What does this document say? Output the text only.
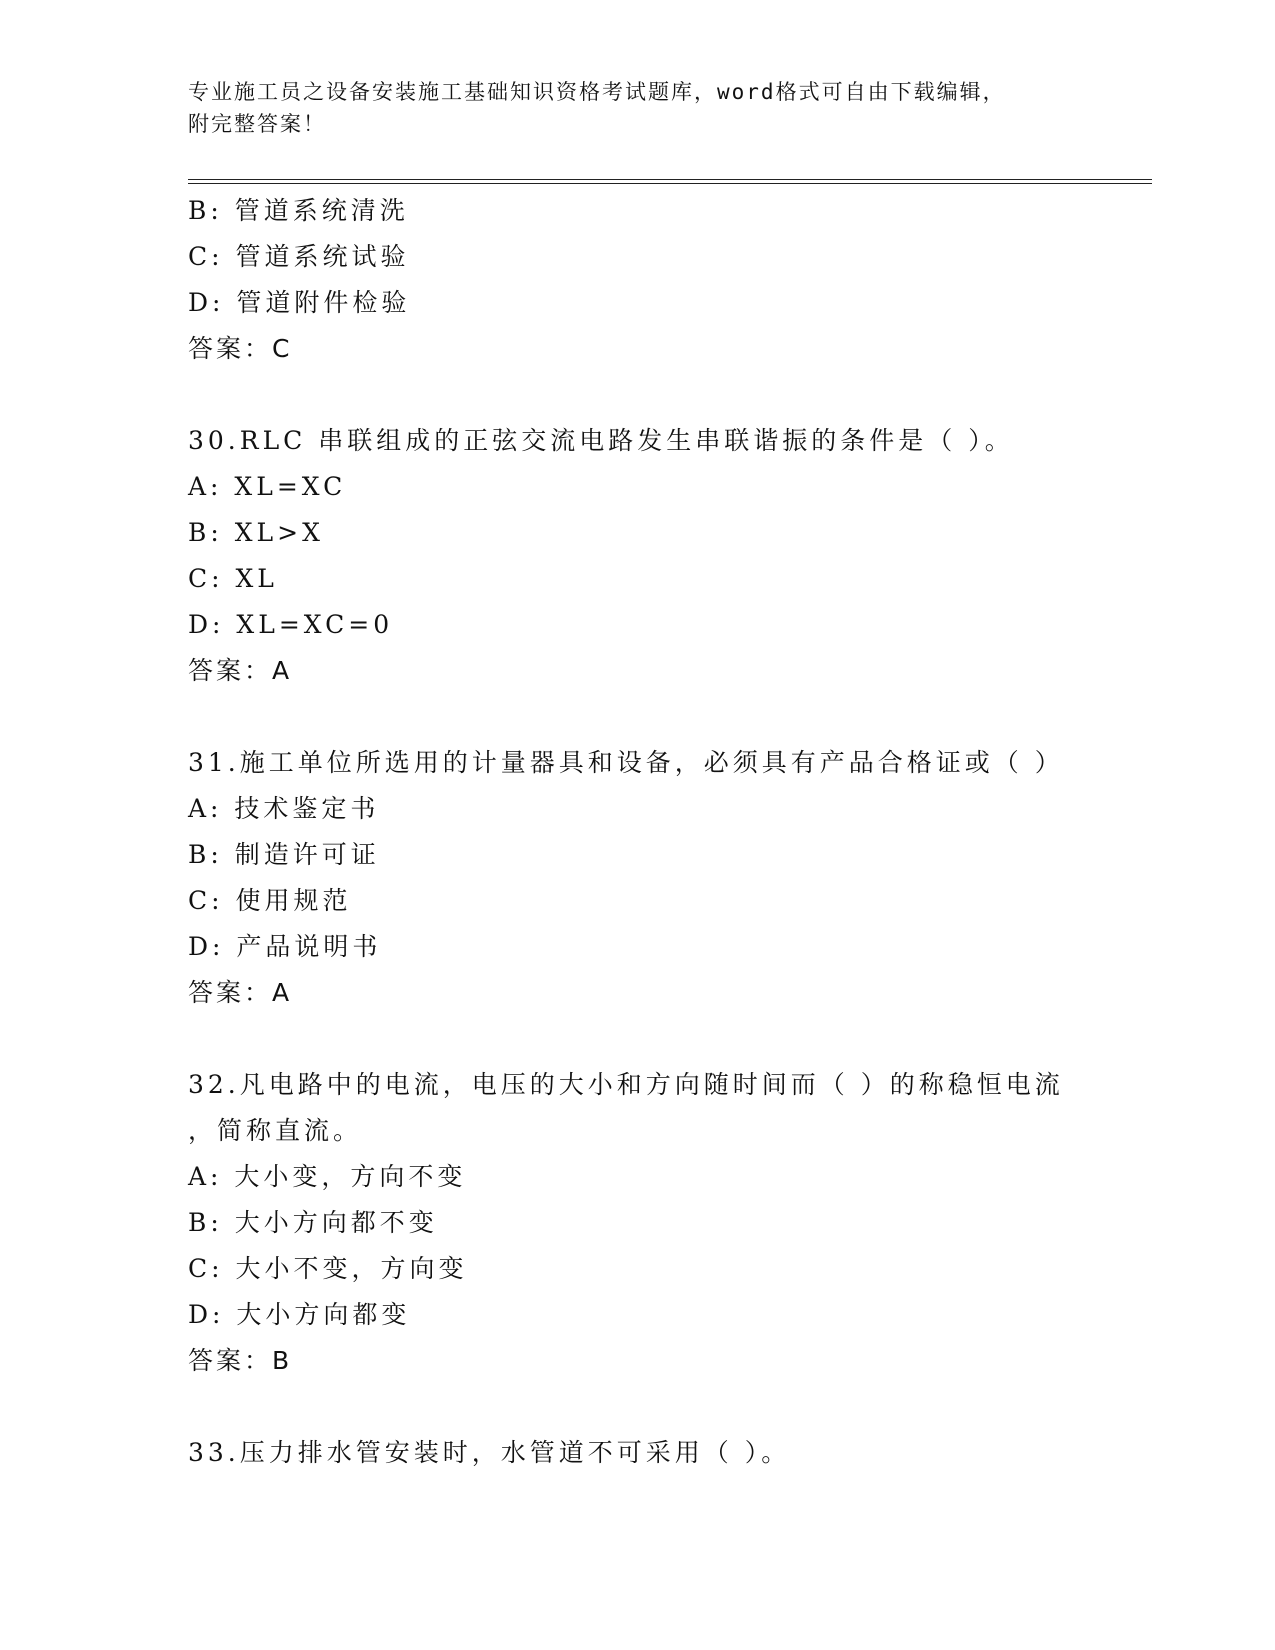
专业施工员之设备安装施工基础知识资格考试题库，word格式可自由下载编辑，
附完整答案！
B: 管道系统清洗
C: 管道系统试验
D: 管道附件检验
答案：C
30.RLC 串联组成的正弦交流电路发生串联谐振的条件是（ ）。
A: XL=XC
B: XL>X
C: XL
D: XL=XC=0
答案：A
31.施工单位所选用的计量器具和设备，必须具有产品合格证或（ ）
A: 技术鉴定书
B: 制造许可证
C: 使用规范
D: 产品说明书
答案：A
32.凡电路中的电流，电压的大小和方向随时间而（ ）的称稳恒电流
，简称直流。
A: 大小变，方向不变
B: 大小方向都不变
C: 大小不变，方向变
D: 大小方向都变
答案：B
33.压力排水管安装时，水管道不可采用（ ）。
